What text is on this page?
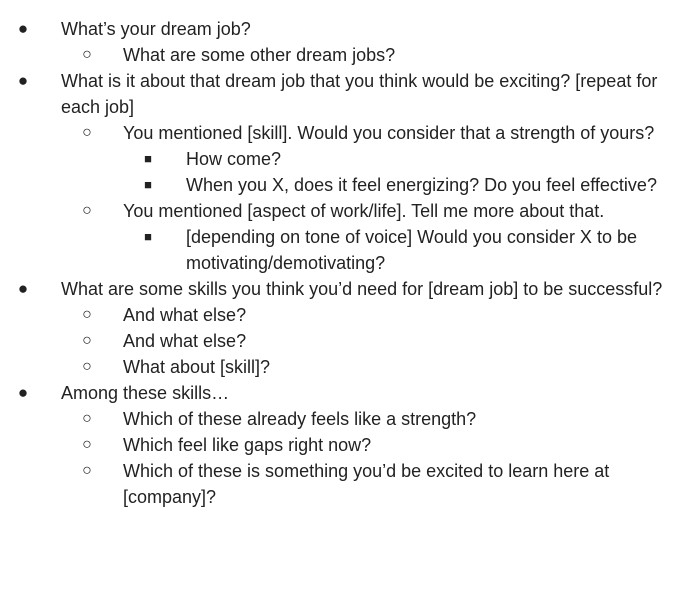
● What’s your dream job?
○ What are some other dream jobs?
● What is it about that dream job that you think would be exciting? [repeat for each job]
○ You mentioned [skill]. Would you consider that a strength of yours?
■ How come?
■ When you X, does it feel energizing? Do you feel effective?
○ You mentioned [aspect of work/life]. Tell me more about that.
■ [depending on tone of voice] Would you consider X to be motivating/demotivating?
● What are some skills you think you’d need for [dream job] to be successful?
○ And what else?
○ And what else?
○ What about [skill]?
● Among these skills…
○ Which of these already feels like a strength?
○ Which feel like gaps right now?
○ Which of these is something you’d be excited to learn here at [company]?
